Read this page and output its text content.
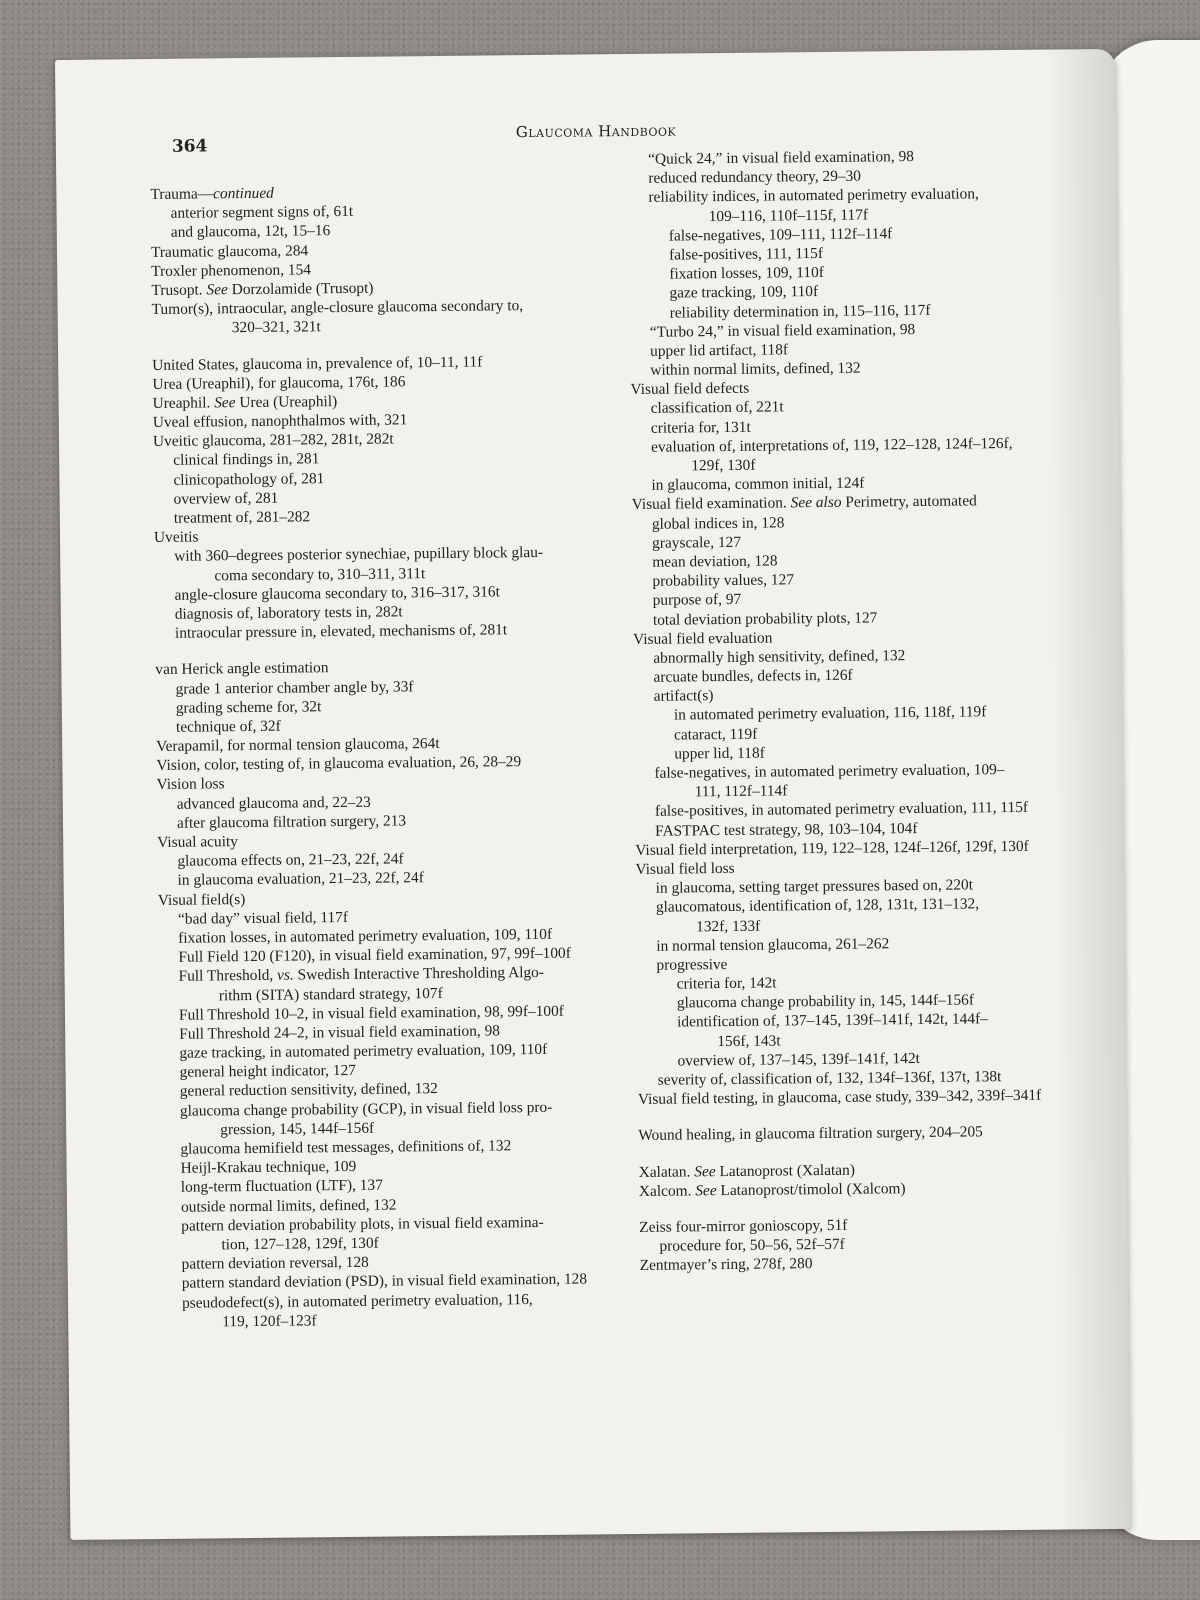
364
Glaucoma Handbook
Trauma—continued
anterior segment signs of, 61t
and glaucoma, 12t, 15–16
Traumatic glaucoma, 284
Troxler phenomenon, 154
Trusopt. See Dorzolamide (Trusopt)
Tumor(s), intraocular, angle-closure glaucoma secondary to,
320–321, 321t
United States, glaucoma in, prevalence of, 10–11, 11f
Urea (Ureaphil), for glaucoma, 176t, 186
Ureaphil. See Urea (Ureaphil)
Uveal effusion, nanophthalmos with, 321
Uveitic glaucoma, 281–282, 281t, 282t
clinical findings in, 281
clinicopathology of, 281
overview of, 281
treatment of, 281–282
Uveitis
with 360–degrees posterior synechiae, pupillary block glau-
coma secondary to, 310–311, 311t
angle-closure glaucoma secondary to, 316–317, 316t
diagnosis of, laboratory tests in, 282t
intraocular pressure in, elevated, mechanisms of, 281t
van Herick angle estimation
grade 1 anterior chamber angle by, 33f
grading scheme for, 32t
technique of, 32f
Verapamil, for normal tension glaucoma, 264t
Vision, color, testing of, in glaucoma evaluation, 26, 28–29
Vision loss
advanced glaucoma and, 22–23
after glaucoma filtration surgery, 213
Visual acuity
glaucoma effects on, 21–23, 22f, 24f
in glaucoma evaluation, 21–23, 22f, 24f
Visual field(s)
“bad day” visual field, 117f
fixation losses, in automated perimetry evaluation, 109, 110f
Full Field 120 (F120), in visual field examination, 97, 99f–100f
Full Threshold, vs. Swedish Interactive Thresholding Algo-
rithm (SITA) standard strategy, 107f
Full Threshold 10–2, in visual field examination, 98, 99f–100f
Full Threshold 24–2, in visual field examination, 98
gaze tracking, in automated perimetry evaluation, 109, 110f
general height indicator, 127
general reduction sensitivity, defined, 132
glaucoma change probability (GCP), in visual field loss pro-
gression, 145, 144f–156f
glaucoma hemifield test messages, definitions of, 132
Heijl-Krakau technique, 109
long-term fluctuation (LTF), 137
outside normal limits, defined, 132
pattern deviation probability plots, in visual field examina-
tion, 127–128, 129f, 130f
pattern deviation reversal, 128
pattern standard deviation (PSD), in visual field examination, 128
pseudodefect(s), in automated perimetry evaluation, 116,
119, 120f–123f
“Quick 24,” in visual field examination, 98
reduced redundancy theory, 29–30
reliability indices, in automated perimetry evaluation,
109–116, 110f–115f, 117f
false-negatives, 109–111, 112f–114f
false-positives, 111, 115f
fixation losses, 109, 110f
gaze tracking, 109, 110f
reliability determination in, 115–116, 117f
“Turbo 24,” in visual field examination, 98
upper lid artifact, 118f
within normal limits, defined, 132
Visual field defects
classification of, 221t
criteria for, 131t
evaluation of, interpretations of, 119, 122–128, 124f–126f,
129f, 130f
in glaucoma, common initial, 124f
Visual field examination. See also Perimetry, automated
global indices in, 128
grayscale, 127
mean deviation, 128
probability values, 127
purpose of, 97
total deviation probability plots, 127
Visual field evaluation
abnormally high sensitivity, defined, 132
arcuate bundles, defects in, 126f
artifact(s)
in automated perimetry evaluation, 116, 118f, 119f
cataract, 119f
upper lid, 118f
false-negatives, in automated perimetry evaluation, 109–
111, 112f–114f
false-positives, in automated perimetry evaluation, 111, 115f
FASTPAC test strategy, 98, 103–104, 104f
Visual field interpretation, 119, 122–128, 124f–126f, 129f, 130f
Visual field loss
in glaucoma, setting target pressures based on, 220t
glaucomatous, identification of, 128, 131t, 131–132,
132f, 133f
in normal tension glaucoma, 261–262
progressive
criteria for, 142t
glaucoma change probability in, 145, 144f–156f
identification of, 137–145, 139f–141f, 142t, 144f–
156f, 143t
overview of, 137–145, 139f–141f, 142t
severity of, classification of, 132, 134f–136f, 137t, 138t
Visual field testing, in glaucoma, case study, 339–342, 339f–341f
Wound healing, in glaucoma filtration surgery, 204–205
Xalatan. See Latanoprost (Xalatan)
Xalcom. See Latanoprost/timolol (Xalcom)
Zeiss four-mirror gonioscopy, 51f
procedure for, 50–56, 52f–57f
Zentmayer’s ring, 278f, 280
